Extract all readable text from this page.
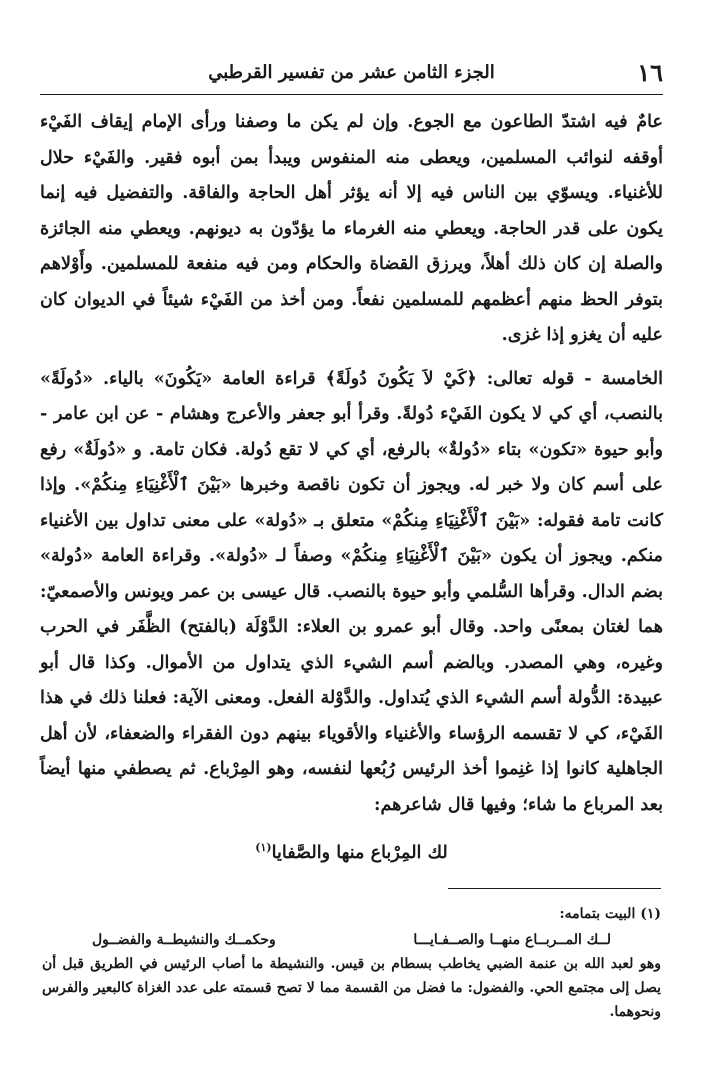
١٦
الجزء الثامن عشر من تفسير القرطبي

عامٌ فيه اشتدّ الطاعون مع الجوع. وإن لم يكن ما وصفنا ورأى الإمام إيقاف الفَيْء أوقفه لنوائب المسلمين، ويعطى منه المنفوس ويبدأ بمن أبوه فقير. والفَيْء حلال للأغنياء. ويسوّي بين الناس فيه إلا أنه يؤثر أهل الحاجة والفاقة. والتفضيل فيه إنما يكون على قدر الحاجة. ويعطي منه الغرماء ما يؤدّون به ديونهم. ويعطي منه الجائزة والصلة إن كان ذلك أهلاً، ويرزق القضاة والحكام ومن فيه منفعة للمسلمين. وأَوْلاهم بتوفر الحظ منهم أعظمهم للمسلمين نفعاً. ومن أخذ من الفَيْء شيئاً في الديوان كان عليه أن يغزو إذا غزى.

الخامسة - قوله تعالى: ﴿كَيْ لاَ يَكُونَ دُولَةً﴾ قراءة العامة «يَكُونَ» بالياء. «دُولَةً» بالنصب، أي كي لا يكون الفَيْء دُولةً. وقرأ أبو جعفر والأعرج وهشام - عن ابن عامر - وأبو حيوة «تكون» بتاء «دُولةٌ» بالرفع، أي كي لا تقع دُولة. فكان تامة. و «دُولَةٌ» رفع على أسم كان ولا خبر له. ويجوز أن تكون ناقصة وخبرها «بَيْنَ ٱلْأَغْنِيَاءِ مِنكُمْ». وإذا كانت تامة فقوله: «بَيْنَ ٱلْأَغْنِيَاءِ مِنكُمْ» متعلق بـ «دُولة» على معنى تداول بين الأغنياء منكم. ويجوز أن يكون «بَيْنَ ٱلْأَغْنِيَاءِ مِنكُمْ» وصفاً لـ «دُولة». وقراءة العامة «دُولة» بضم الدال. وقرأها السُّلمي وأبو حيوة بالنصب. قال عيسى بن عمر ويونس والأصمعيّ: هما لغتان بمعنًى واحد. وقال أبو عمرو بن العلاء: الدَّوْلَة (بالفتح) الظَّفَر في الحرب وغيره، وهي المصدر. وبالضم أسم الشيء الذي يتداول من الأموال. وكذا قال أبو عبيدة: الدُّولة أسم الشيء الذي يُتداول. والدَّوْلة الفعل. ومعنى الآية: فعلنا ذلك في هذا الفَيْء، كي لا تقسمه الرؤساء والأغنياء والأقوياء بينهم دون الفقراء والضعفاء، لأن أهل الجاهلية كانوا إذا غنِموا أخذ الرئيس رُبُعها لنفسه، وهو المِرْباع. ثم يصطفي منها أيضاً بعد المرباع ما شاء؛ وفيها قال شاعرهم:

لك المِرْباع منها والصَّفايا$^{(١)}$

(١) البيت بتمامه:

لــك المــربــاع منهــا والصــفـايـــا
وحكمــك والنشيطــة والفضــول

وهو لعبد الله بن عنمة الضبي يخاطب بسطام بن قيس. والنشيطة ما أصاب الرئيس في الطريق قبل أن يصل إلى مجتمع الحي. والفضول: ما فضل من القسمة مما لا تصح قسمته على عدد الغزاة كالبعير والفرس ونحوهما.
